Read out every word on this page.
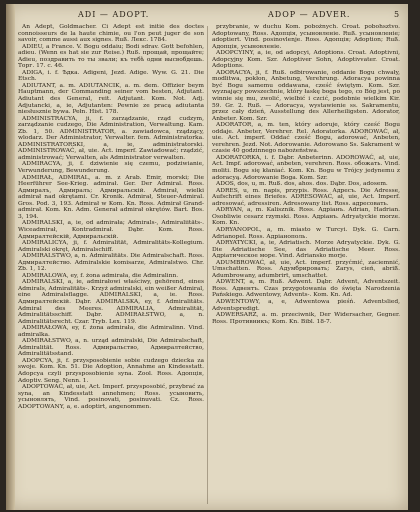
ADI — ADOPT.	ADOP — ADVER.	5

An Adept, Goldmacher. Ci Adept est initié des doctes connoisseurs de la haute chimie, ou l'on peut juger de son savoir, comme aussi aux signes. Ruß. Лекс. 1784.

ADIEU, a France. V. Bogu oddaiu; Bodi sdrav. Gott befohlen, adieu. (Wenn es hat sie zur Reise.) Ruß. прощай, прощайте; Adieu, поздравить то ты звали; къ тебѣ одни высвобдешь. Торг. 17. с. 46.

ADIGA, i. f. Ѣдка. Adigeni, Jezd. Adige. Wyw. G. 21. Die Etsch.

ADIUTANT, a. m. ADIUTANCIK, a. m. dem. Offizier beym Hauptmann, der Commanding seiner vom besten, Adjutant. Adiutant des General, reit. Adjutant. Kom. Not. Adj. Adjutancki, a, ie, Adjutanten: Pewnie ze pracą adiutanta niesłusznie bywa. Pełn. Hist. 178.

ADMINISTRACYA, ji, f. zarządzanie, rząd cudzym, zarządzanie cudzego, Die Administration, Verwaltung. Kam. Zb. 1, 50. ADMINISTRATOR, a. zawiadowca, rządzący, wlodarz. Der Administrator, Verwalter. fem. Administratorka. ADMINISTRATORSKI, a, ie, administratorski. ADMINISTROWAĆ, ał, uie. Act. imperf. Zawiadować; rządzić, administrować; Verwalten, als Administrator verwalten.

ADMIRACYA, ji, f. dziwienie się czemu, podziwianie, Verwunderung, Bewunderung.

ADMIRAŁ, ADMIRAL, a. m. z Arab. Emir, morski; Die Heerführer See-Krieg. admirał. Ger. Der Admiral. Ross. Адмиралъ, Адмиралъ; Адмиральскій. Admirał, wielki admirał nad okrętami. Cr. Kronik. Admirał, Steuer-Admiral. Gros. Pod. 3, 193. Admirał w Kom. Kn. Ross. Admirał Grand-admirał. Kom. Kn. Adm. Generał admirał okrętów. Bart. Bos. 3, 194.

ADMIRALSKI, a, ie, od admirała; Admirals-, Admiraliitäts-. Wiceadmirał, Kontradmirał. Dąbr. Kom. Ross. Адмиралтейскій, Адмиральскій.

ADMIRALICYA, ji, f. Admiralität, Admiralitäts-Kollegium. Admiralski okręt, Admiralschiff.

ADMIRALSTWO, a, n. Admiralitäts. Die Admiralschaft. Ross. Адмиралтейство. Admiralskie komisarze, Admiralstwo. Chr. Zb. 1, 12.

ADMIRALOWA, ey, f. żona admirała, die Admiralinn.

ADMIRALSKI, a, ie, admirałowi właściwy, gehörend, eines Admirals, Admiralitäts-. Krzyż admiralski, ein weißer Admiral, eine Admiralsflagge. ADMIRALSKI, a, ie. Ross. Адмиралтейскій. Dąbr. ADMIRALSKA, ey, f. Admiralitäts. Admiral des Meeres. ADMIRALIA, Admiralität, Admiralitätsschiff. Dąbr. ADMIRAŁSTWO, a, n. Admiralitätsrecht. Czar. Tryb. Lex. 119.

ADMIRAŁOWA, ey, f. żona admirała, die Admiralinn. Vind. admiralka.

ADMIRAŁSTWO, a, n. urząd admiralski, Die Admiralschaft, Admiralität. Ross. Адмиральство, Адмиралтейство, Admiralitätsstand.

ADOPCYA, ji, f. przysposobienie sobie cudzego dziecka za swoje. Kom. Kn. 51. Die Adoption, Annahme an Kindesstatt. Adopcya czyli przysposobienie syna. Zool. Ross. Адопція, Adoptiv. Seng. Nenn. 1.

ADOPTOWAĆ, ał, uie, Act. Imperf. przysposobić, przybrać za syna, an Kindesstatt annehmen; Ross. усыновить, усыновлять, Vind. posinovati, posinuvati. Cz. Ross. ADOPTOWANY, a, e. adoptirt, angenommen.

przybranie, w duchu Kom. pobożnych. Croat. pobohsztvo. Adoptowany, Ross. Адопція, усыновленіе. Ruß. усыновленіе; adoptiert. Vind. posinovlenje. Ross. Адопція; Adoption; Ruß. Адопція, усыновленіе.

ADOPCYINY, a, ie, od adopcyi, Adoptions. Croat. Adoptivni, Adopcyjny Kom. Szr. Adoptiver Sohn, Adoptivvater. Croat. Adoptions.

ADORACYA, ji, f. Ruß. odbirowanie, oddanie Bogu chwały, modlitwa, pokłon, Anbetung, Verehrung. Adoracya powinna być Bogu samemu oddawana, cześć świętym. Kom. Szr. wyznający powszechnie, który łaskę boga tego, co Bóg jest, po winnie się mu, zwolić, wielbić i czcić, podobnie wielkim Kir. 59. Gr. 2. Ruß. — Adoracya, wystawienie ss. Sakramentu, przez cały dzień, Ausstellung des Allerheiligsten. Adorator, Anbeter. Kom. Szr.

ADORATOR, a, m. ten, który adoruje, który cześć Bogu oddaje. Anbeter, Verehrer. Rel. Adoratorka. ADOROWAĆ, ał, uie. Act. imperf. Oddać cześć Bogu, adorować, Anbeten, verehren. Jezd. Not. Adorowanie. Adorowano Ss. Sakrament w czasie 40 godzinnego nabożeństwa.

ADORATORKA, i. f. Dąbr. Anbeterinn. ADOROWAĆ, ał, uie, Act. Impf. adorować, anbeten, verehren. Ross. обожать. Vind. molitі. Bogu się kłaniać. Kom. Kn. Bogu w Trójcy jedynemu z adoracyą. Adorowanie Boga. Kom. Szr.

ADOS, dos, u, m. Ruß. dos, ahos. dos. Dąbr. Dos, adosem.

ADRES, u, m. napis, przypis. Ross. Адресъ. Die Adresse, Aufschrift eines Briefes. ADRESOWAĆ, ał, uie, Act. Imperf. adresować, adressiren. Adresowany list. Ross. адресовать.

ADRYAN, a, m. Kalisznik. Ross. Адріанъ. Adrian, Hadrian. Osobliwie cesarz rzymski. Ross. Адріанъ. Adryatyckie morze. Kom. Kn.

ADRYANOPOL, a, m. miasto w Turcyi. Dyk. G. Carn. Adrianopel. Ross. Адріанополь.

ADRYATYCKI, a, ie, Adriatisch. Morze Adryatyckie. Dyk. G. Die Adriatische See, das Adriatische Meer. Ross. Адріатическое море. Vind. Adriansko morje.

ADUMBROWAĆ, ał, uie, Act. imperf. przyćmić, zaciemnić, Umschatten. Ross. Адумбрировать; Zarys, cień, abriß. Adumbrowany, adumbrirt, umschattet.

ADWENT, a, m. Ruß. Adwent. Dąbr. Advent, Adventszeit. Ross. Адвентъ. Czas przygotowania do święta Narodzenia Pańskiego. Adwentowy, Advents-. Kom. Kn. Ad.

ADWENTOWY, a, e, Adwentowa pieśń. Adventslied, Adventspredigt.

ADWERSARZ, a. m. przeciwnik, Der Widersacher, Gegner. Ross. Противникъ; Kom. Kn. Bibl. 18-7.
